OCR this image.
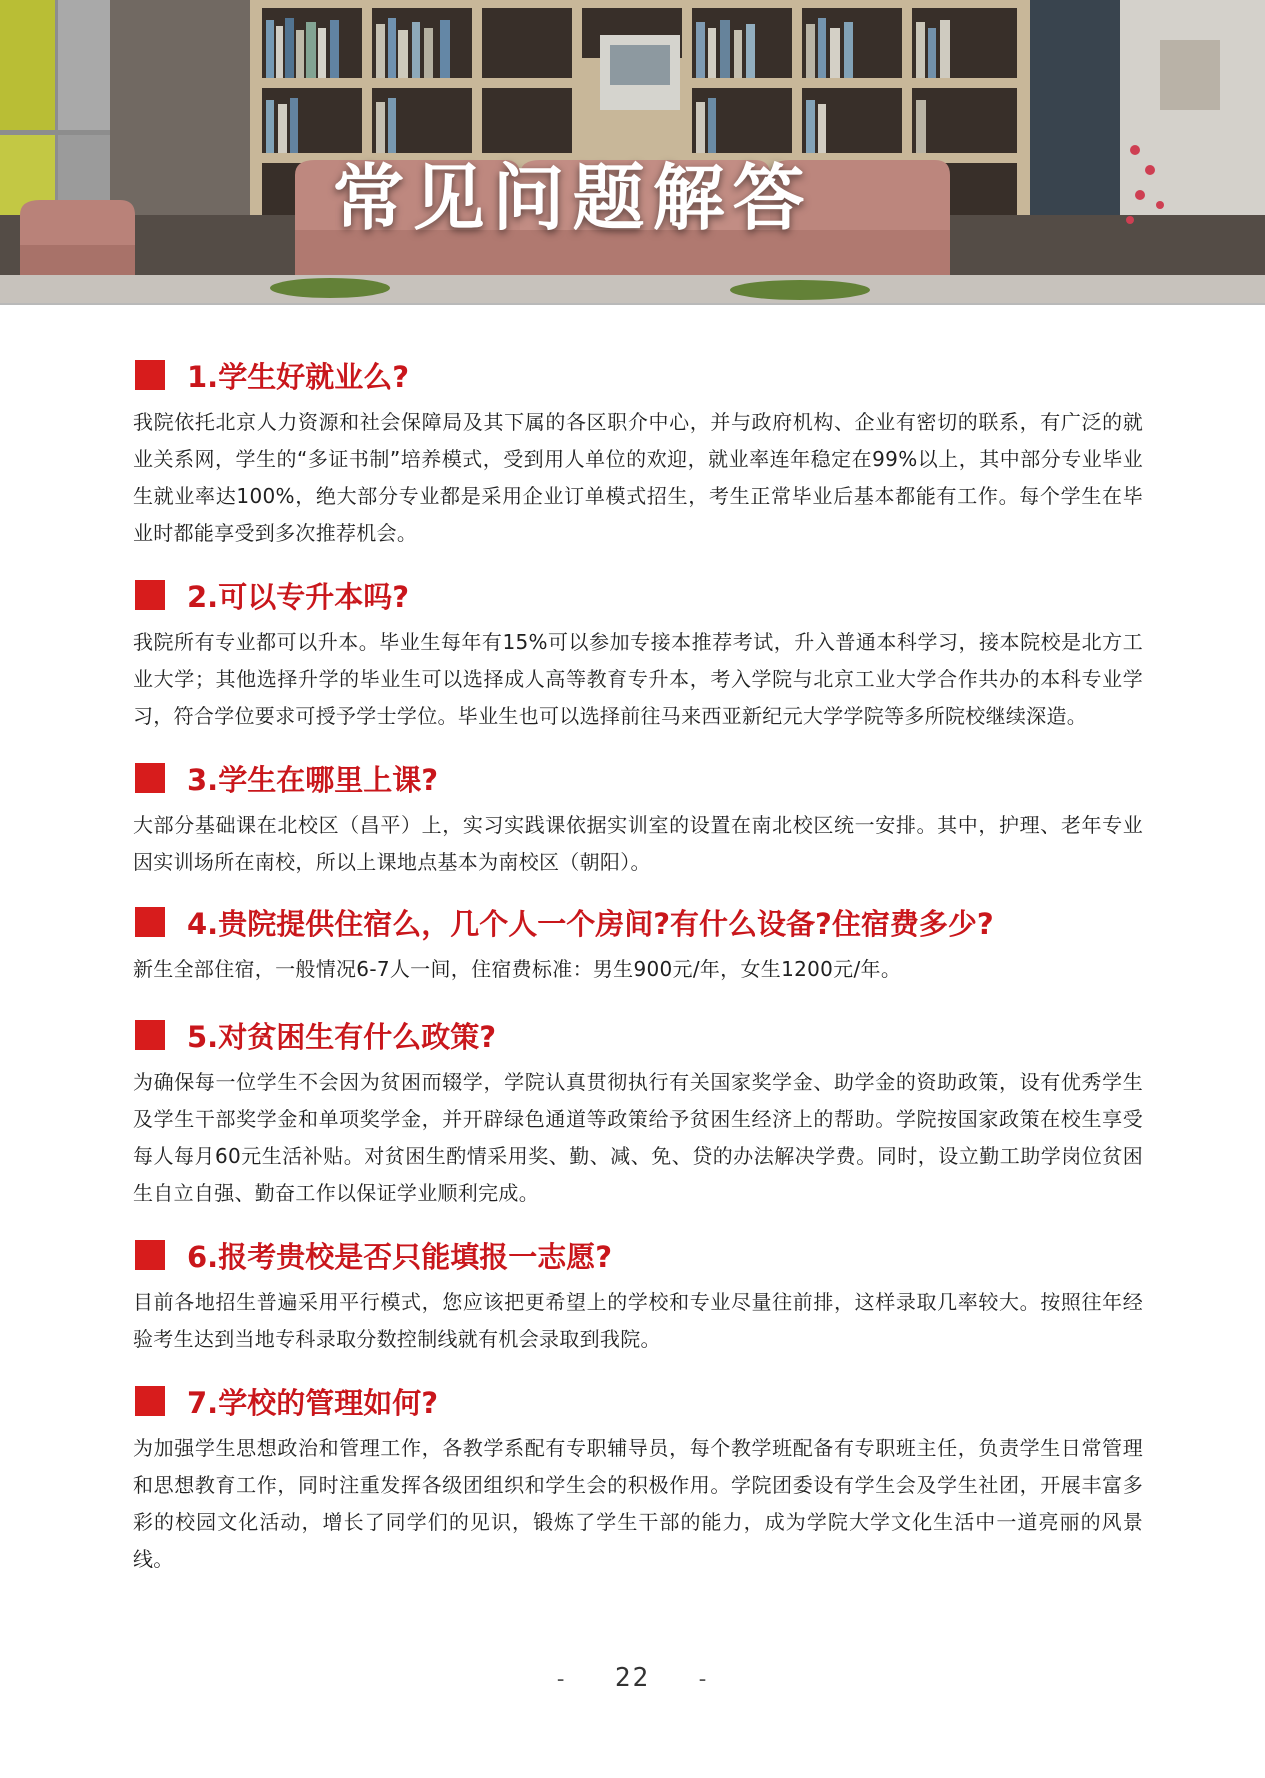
常见问题解答
1.学生好就业么?

我院依托北京人力资源和社会保障局及其下属的各区职介中心，并与政府机构、企业有密切的联系，有广泛的就业关系网，学生的“多证书制”培养模式，受到用人单位的欢迎，就业率连年稳定在99%以上，其中部分专业毕业生就业率达100%，绝大部分专业都是采用企业订单模式招生，考生正常毕业后基本都能有工作。每个学生在毕业时都能享受到多次推荐机会。

2.可以专升本吗?

我院所有专业都可以升本。毕业生每年有15%可以参加专接本推荐考试，升入普通本科学习，接本院校是北方工业大学；其他选择升学的毕业生可以选择成人高等教育专升本，考入学院与北京工业大学合作共办的本科专业学习，符合学位要求可授予学士学位。毕业生也可以选择前往马来西亚新纪元大学学院等多所院校继续深造。

3.学生在哪里上课?

大部分基础课在北校区（昌平）上，实习实践课依据实训室的设置在南北校区统一安排。其中，护理、老年专业因实训场所在南校，所以上课地点基本为南校区（朝阳）。

4.贵院提供住宿么，几个人一个房间?有什么设备?住宿费多少?

新生全部住宿，一般情况6-7人一间，住宿费标准：男生900元/年，女生1200元/年。

5.对贫困生有什么政策?

为确保每一位学生不会因为贫困而辍学，学院认真贯彻执行有关国家奖学金、助学金的资助政策，设有优秀学生及学生干部奖学金和单项奖学金，并开辟绿色通道等政策给予贫困生经济上的帮助。学院按国家政策在校生享受每人每月60元生活补贴。对贫困生酌情采用奖、勤、减、免、贷的办法解决学费。同时，设立勤工助学岗位贫困生自立自强、勤奋工作以保证学业顺利完成。

6.报考贵校是否只能填报一志愿?

目前各地招生普遍采用平行模式，您应该把更希望上的学校和专业尽量往前排，这样录取几率较大。按照往年经验考生达到当地专科录取分数控制线就有机会录取到我院。

7.学校的管理如何?

为加强学生思想政治和管理工作，各教学系配有专职辅导员，每个教学班配备有专职班主任，负责学生日常管理和思想教育工作，同时注重发挥各级团组织和学生会的积极作用。学院团委设有学生会及学生社团，开展丰富多彩的校园文化活动，增长了同学们的见识，锻炼了学生干部的能力，成为学院大学文化生活中一道亮丽的风景线。

- 22 -
